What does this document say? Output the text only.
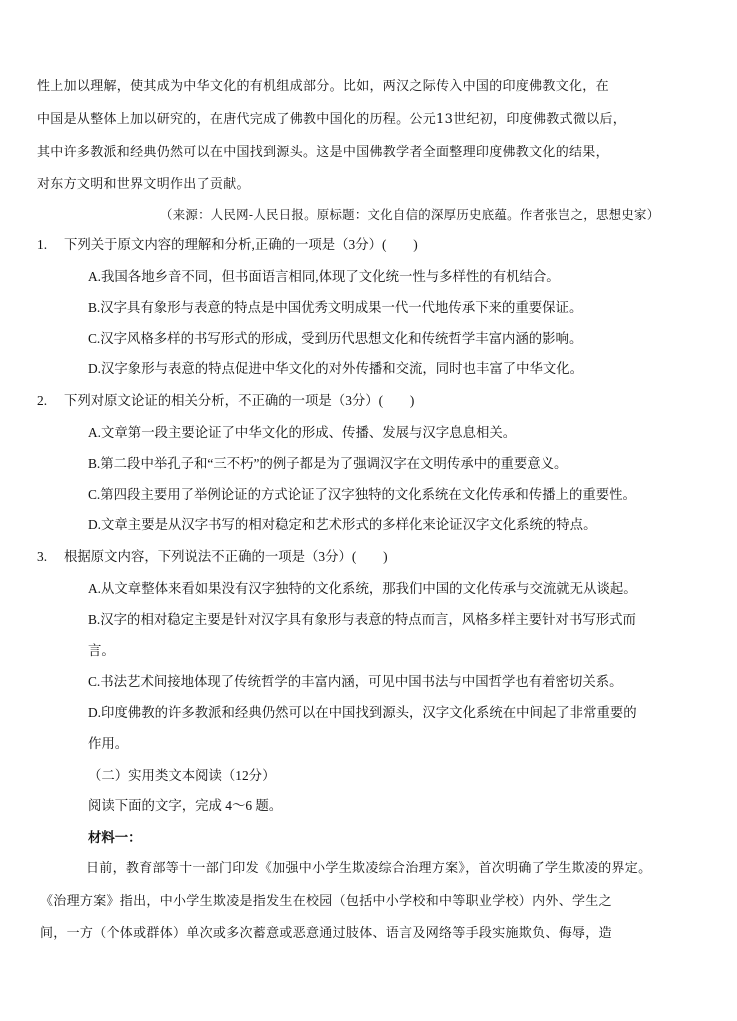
性上加以理解，使其成为中华文化的有机组成部分。比如，两汉之际传入中国的印度佛教文化，在
中国是从整体上加以研究的，在唐代完成了佛教中国化的历程。公元13世纪初，印度佛教式微以后，
其中许多教派和经典仍然可以在中国找到源头。这是中国佛教学者全面整理印度佛教文化的结果，
对东方文明和世界文明作出了贡献。
（来源：人民网-人民日报。原标题：文化自信的深厚历史底蕴。作者张岂之，思想史家）
1. 下列关于原文内容的理解和分析,正确的一项是（3分）(　　)
A.我国各地乡音不同，但书面语言相同,体现了文化统一性与多样性的有机结合。
B.汉字具有象形与表意的特点是中国优秀文明成果一代一代地传承下来的重要保证。
C.汉字风格多样的书写形式的形成，受到历代思想文化和传统哲学丰富内涵的影响。
D.汉字象形与表意的特点促进中华文化的对外传播和交流，同时也丰富了中华文化。
2. 下列对原文论证的相关分析，不正确的一项是（3分）(　　)
A.文章第一段主要论证了中华文化的形成、传播、发展与汉字息息相关。
B.第二段中举孔子和“三不朽”的例子都是为了强调汉字在文明传承中的重要意义。
C.第四段主要用了举例论证的方式论证了汉字独特的文化系统在文化传承和传播上的重要性。
D.文章主要是从汉字书写的相对稳定和艺术形式的多样化来论证汉字文化系统的特点。
3. 根据原文内容，下列说法不正确的一项是（3分）(　　)
A.从文章整体来看如果没有汉字独特的文化系统，那我们中国的文化传承与交流就无从谈起。
B.汉字的相对稳定主要是针对汉字具有象形与表意的特点而言，风格多样主要针对书写形式而
言。
C.书法艺术间接地体现了传统哲学的丰富内涵，可见中国书法与中国哲学也有着密切关系。
D.印度佛教的许多教派和经典仍然可以在中国找到源头，汉字文化系统在中间起了非常重要的
作用。
（二）实用类文本阅读（12分）
阅读下面的文字，完成 4～6 题。
材料一：
日前，教育部等十一部门印发《加强中小学生欺凌综合治理方案》，首次明确了学生欺凌的界定。
《治理方案》指出，中小学生欺凌是指发生在校园（包括中小学校和中等职业学校）内外、学生之
间，一方（个体或群体）单次或多次蓄意或恶意通过肢体、语言及网络等手段实施欺负、侮辱，造
